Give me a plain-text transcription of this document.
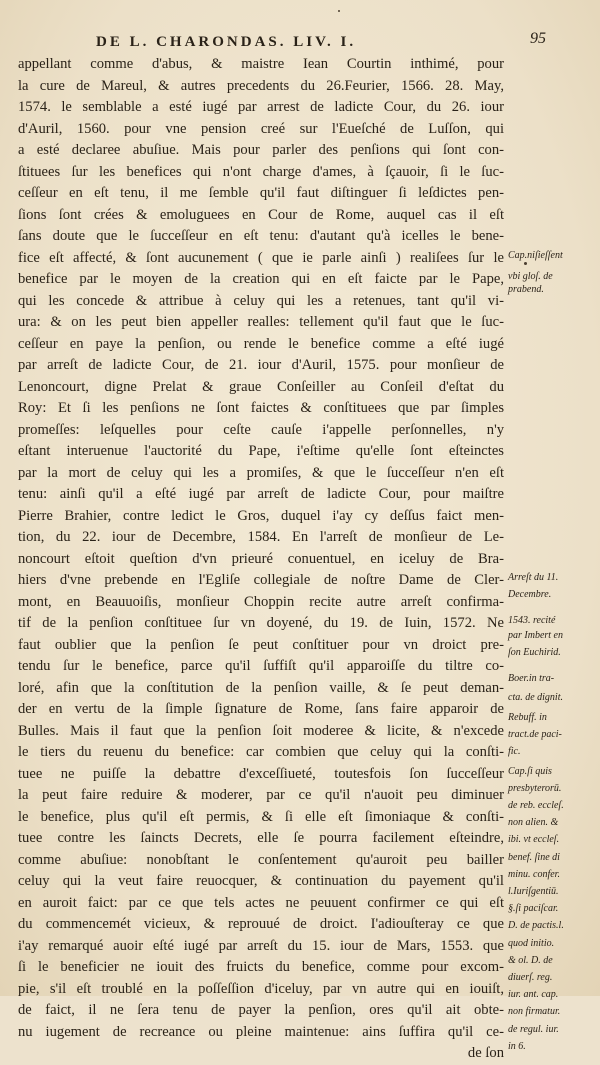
DE L. CHARONDAS. LIV. I.	95
appellant comme d'abus, & maistre Iean Courtin inthimé, pour
la cure de Mareul, & autres precedents du 26.Feurier, 1566. 28. May,
1574. le semblable a esté iugé par arrest de ladicte Cour, du 26. iour
d'Auril, 1560. pour vne pension creé sur l'Eueſché de Luſſon, qui
a esté declaree abuſiue. Mais pour parler des penſions qui ſont con-
ſtituees ſur les benefices qui n'ont charge d'ames, à ſçauoir, ſi le ſuc-
ceſſeur en eſt tenu, il me ſemble qu'il faut diſtinguer ſi leſdictes pen-
ſions ſont crées & emoluguees en Cour de Rome, auquel cas il eſt
ſans doute que le ſucceſſeur en eſt tenu: d'autant qu'à icelles le bene-
fice eſt affecté, & ſont aucunement ( que ie parle ainſi ) realiſees ſur le
benefice par le moyen de la creation qui en eſt faicte par le Pape,
qui les concede & attribue à celuy qui les a retenues, tant qu'il vi-
ura: & on les peut bien appeller realles: tellement qu'il faut que le ſuc-
ceſſeur en paye la penſion, ou rende le benefice comme a eſté iugé
par arreſt de ladicte Cour, de 21. iour d'Auril, 1575. pour monſieur de
Lenoncourt, digne Prelat & graue Conſeiller au Conſeil d'eſtat du
Roy: Et ſi les penſions ne ſont faictes & conſtituees que par ſimples
promeſſes: leſquelles pour ceſte cauſe i'appelle perſonnelles, n'y
eſtant interuenue l'auctorité du Pape, i'eſtime qu'elle ſont eſteinctes
par la mort de celuy qui les a promiſes, & que le ſucceſſeur n'en eſt
tenu: ainſi qu'il a eſté iugé par arreſt de ladicte Cour, pour maiſtre
Pierre Brahier, contre ledict le Gros, duquel i'ay cy deſſus faict men-
tion, du 22. iour de Decembre, 1584. En l'arreſt de monſieur de Le-
noncourt eſtoit queſtion d'vn prieuré conuentuel, en iceluy de Bra-
hiers d'vne prebende en l'Egliſe collegiale de noſtre Dame de Cler-
mont, en Beauuoiſis, monſieur Choppin recite autre arreſt confirma-
tif de la penſion conſtituee ſur vn doyené, du 19. de Iuin, 1572. Ne
faut oublier que la penſion ſe peut conſtituer pour vn droict pre-
tendu ſur le benefice, parce qu'il ſuffiſt qu'il apparoiſſe du tiltre co-
loré, afin que la conſtitution de la penſion vaille, & ſe peut deman-
der en vertu de la ſimple ſignature de Rome, ſans faire apparoir de
Bulles. Mais il faut que la penſion ſoit moderee & licite, & n'excede
le tiers du reuenu du benefice: car combien que celuy qui la conſti-
tuee ne puiſſe la debattre d'exceſſiueté, toutesfois ſon ſucceſſeur
la peut faire reduire & moderer, par ce qu'il n'auoit peu diminuer
le benefice, plus qu'il eſt permis, & ſi elle eſt ſimoniaque & conſti-
tuee contre les ſaincts Decrets, elle ſe pourra facilement eſteindre,
comme abuſiue: nonobſtant le conſentement qu'auroit peu bailler
celuy qui la veut faire reuocquer, & continuation du payement qu'il
en auroit faict: par ce que tels actes ne peuuent confirmer ce qui eſt
du commencemét vicieux, & reprouué de droict. I'adiouſteray ce que
i'ay remarqué auoir eſté iugé par arreſt du 15. iour de Mars, 1553. que
ſi le beneficier ne iouit des fruicts du benefice, comme pour excom-
pie, s'il eſt troublé en la poſſeſſion d'iceluy, par vn autre qui en iouiſt,
de faict, il ne ſera tenu de payer la penſion, ores qu'il ait obte-
nu iugement de recreance ou pleine maintenue: ains ſuffira qu'il ce-
de ſon
Cap.niſieſſent
vbi gloſ. de
prabend.
Arreſt du 11.
Decembre.
1543. recité
par Imbert en
ſon Euchirid.
Boer.in tra-
cta. de dignit.
Rebuff. in
tract.de paci-
fic.
Cap.ſi quis
presbyterorū.
de reb. eccleſ.
non alien. &
ibi. vt eccleſ.
benef. ſine di
minu. confer.
l.Iuriſgentiū.
§.ſi paciſcar.
D. de pactis.l.
quod initio.
& ol. D. de
diuerſ. reg.
iur. ant. cap.
non firmatur.
de regul. iur.
in 6.
